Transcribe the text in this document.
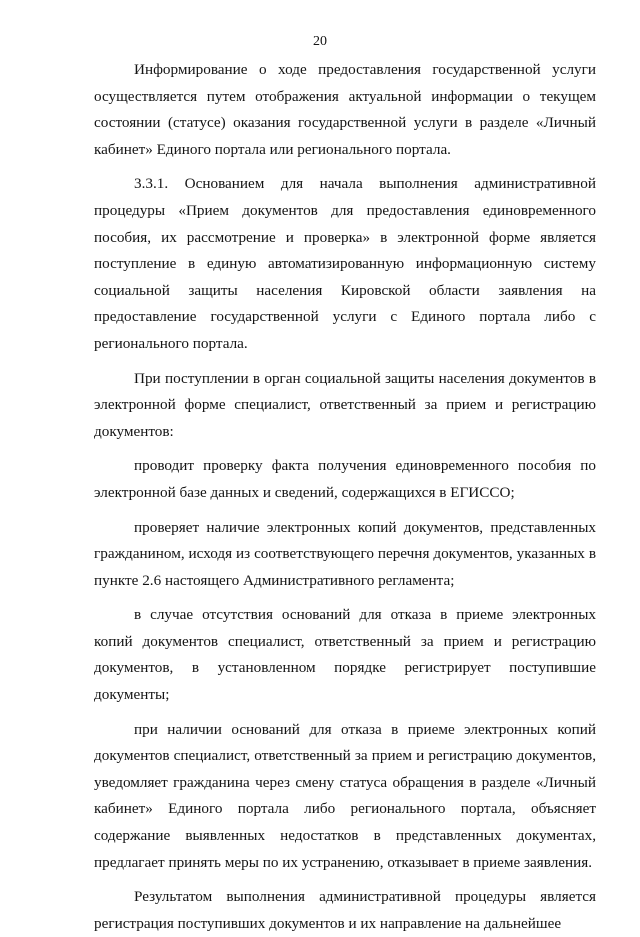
20

Информирование о ходе предоставления государственной услуги осуществляется путем отображения актуальной информации о текущем состоянии (статусе) оказания государственной услуги в разделе «Личный кабинет» Единого портала или регионального портала.

3.3.1. Основанием для начала выполнения административной процедуры «Прием документов для предоставления единовременного пособия, их рассмотрение и проверка» в электронной форме является поступление в единую автоматизированную информационную систему социальной защиты населения Кировской области заявления на предоставление государственной услуги с Единого портала либо с регионального портала.

При поступлении в орган социальной защиты населения документов в электронной форме специалист, ответственный за прием и регистрацию документов:

проводит проверку факта получения единовременного пособия по электронной базе данных и сведений, содержащихся в ЕГИССО;

проверяет наличие электронных копий документов, представленных гражданином, исходя из соответствующего перечня документов, указанных в пункте 2.6 настоящего Административного регламента;

в случае отсутствия оснований для отказа в приеме электронных копий документов специалист, ответственный за прием и регистрацию документов, в установленном порядке регистрирует поступившие документы;

при наличии оснований для отказа в приеме электронных копий документов специалист, ответственный за прием и регистрацию документов, уведомляет гражданина через смену статуса обращения в разделе «Личный кабинет» Единого портала либо регионального портала, объясняет содержание выявленных недостатков в представленных документах, предлагает принять меры по их устранению, отказывает в приеме заявления.

Результатом выполнения административной процедуры является регистрация поступивших документов и их направление на дальнейшее
